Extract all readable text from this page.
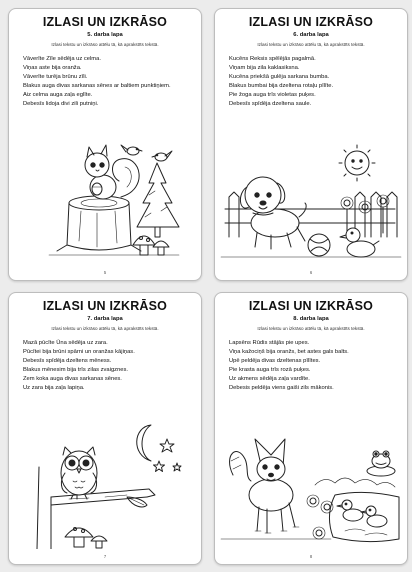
IZLASI UN IZKRĀSO
5. darba lapa
Izlasi tekstu un izkrāso attēlu tā, kā aprakstīts tekstā.
Vāverīte Zīle sēdēja uz celma.
Viņas aste bija oranža.
Vāverīte turēja brūnu zīli.
Blakus auga divas sarkanas sēnes ar baltiem punktiņiem.
Aiz celma auga zaļa eglīte.
Debesīs lidoja divi zili putniņi.
5
IZLASI UN IZKRĀSO
6. darba lapa
Izlasi tekstu un izkrāso attēlu tā, kā aprakstīts tekstā.
Kucēns Reksis spēlējās pagalmā.
Viņam bija zila kaklasiksna.
Kucēna priekšā gulēja sarkana bumba.
Blakus bumbai bija dzeltena rotaļu pīlīte.
Pie žoga auga trīs violetas puķes.
Debesīs spīdēja dzeltena saule.
6
IZLASI UN IZKRĀSO
7. darba lapa
Izlasi tekstu un izkrāso attēlu tā, kā aprakstīts tekstā.
Mazā pūcīte Ūna sēdēja uz zara.
Pūcītei bija brūni spārni un oranžas kājiņas.
Debesīs spīdēja dzeltens mēness.
Blakus mēnesim bija trīs zilas zvaigznes.
Zem koka auga divas sarkanas sēnes.
Uz zara bija zaļa lapiņa.
7
IZLASI UN IZKRĀSO
8. darba lapa
Izlasi tekstu un izkrāso attēlu tā, kā aprakstīts tekstā.
Lapsēns Rūdis stājās pie upes.
Viņa kažociņš bija oranžs, bet astes gals balts.
Upē peldēja divas dzeltenas pīlītes.
Pie krasta auga trīs rozā puķes.
Uz akmens sēdēja zaļa vardīte.
Debesis peldēja viens gaiši zils mākonis.
8
